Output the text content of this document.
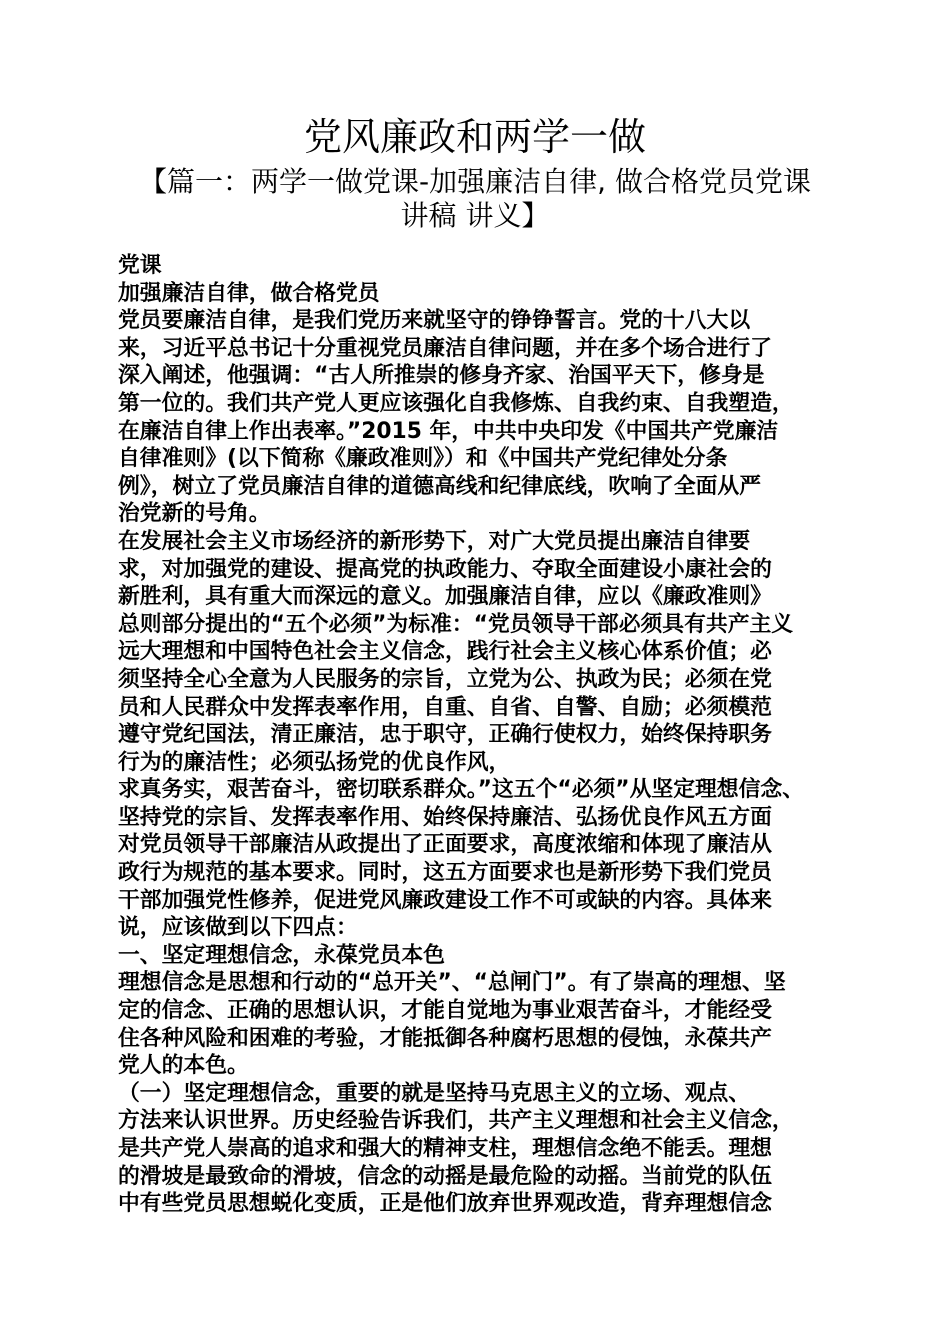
党风廉政和两学一做
【篇一：两学一做党课-加强廉洁自律, 做合格党员党课
讲稿 讲义】
党课
加强廉洁自律，做合格党员
党员要廉洁自律，是我们党历来就坚守的铮铮誓言。党的十八大以
来，习近平总书记十分重视党员廉洁自律问题，并在多个场合进行了
深入阐述，他强调：“古人所推崇的修身齐家、治国平天下，修身是
第一位的。我们共产党人更应该强化自我修炼、自我约束、自我塑造，
在廉洁自律上作出表率。”2015 年，中共中央印发《中国共产党廉洁
自律准则》(以下简称《廉政准则》）和《中国共产党纪律处分条
例》，树立了党员廉洁自律的道德高线和纪律底线，吹响了全面从严
治党新的号角。
在发展社会主义市场经济的新形势下，对广大党员提出廉洁自律要
求，对加强党的建设、提高党的执政能力、夺取全面建设小康社会的
新胜利，具有重大而深远的意义。加强廉洁自律，应以《廉政准则》
总则部分提出的“五个必须”为标准：“党员领导干部必须具有共产主义
远大理想和中国特色社会主义信念，践行社会主义核心体系价值；必
须坚持全心全意为人民服务的宗旨，立党为公、执政为民；必须在党
员和人民群众中发挥表率作用，自重、自省、自警、自励；必须模范
遵守党纪国法，清正廉洁，忠于职守，正确行使权力，始终保持职务
行为的廉洁性；必须弘扬党的优良作风，
求真务实，艰苦奋斗，密切联系群众。”这五个“必须”从坚定理想信念、
坚持党的宗旨、发挥表率作用、始终保持廉洁、弘扬优良作风五方面
对党员领导干部廉洁从政提出了正面要求，高度浓缩和体现了廉洁从
政行为规范的基本要求。同时，这五方面要求也是新形势下我们党员
干部加强党性修养，促进党风廉政建设工作不可或缺的内容。具体来
说，应该做到以下四点：
一、坚定理想信念，永葆党员本色
理想信念是思想和行动的“总开关”、“总闸门”。有了崇高的理想、坚
定的信念、正确的思想认识，才能自觉地为事业艰苦奋斗，才能经受
住各种风险和困难的考验，才能抵御各种腐朽思想的侵蚀，永葆共产
党人的本色。
（一）坚定理想信念，重要的就是坚持马克思主义的立场、观点、
方法来认识世界。历史经验告诉我们，共产主义理想和社会主义信念，
是共产党人崇高的追求和强大的精神支柱，理想信念绝不能丢。理想
的滑坡是最致命的滑坡，信念的动摇是最危险的动摇。当前党的队伍
中有些党员思想蜕化变质，正是他们放弃世界观改造，背弃理想信念
